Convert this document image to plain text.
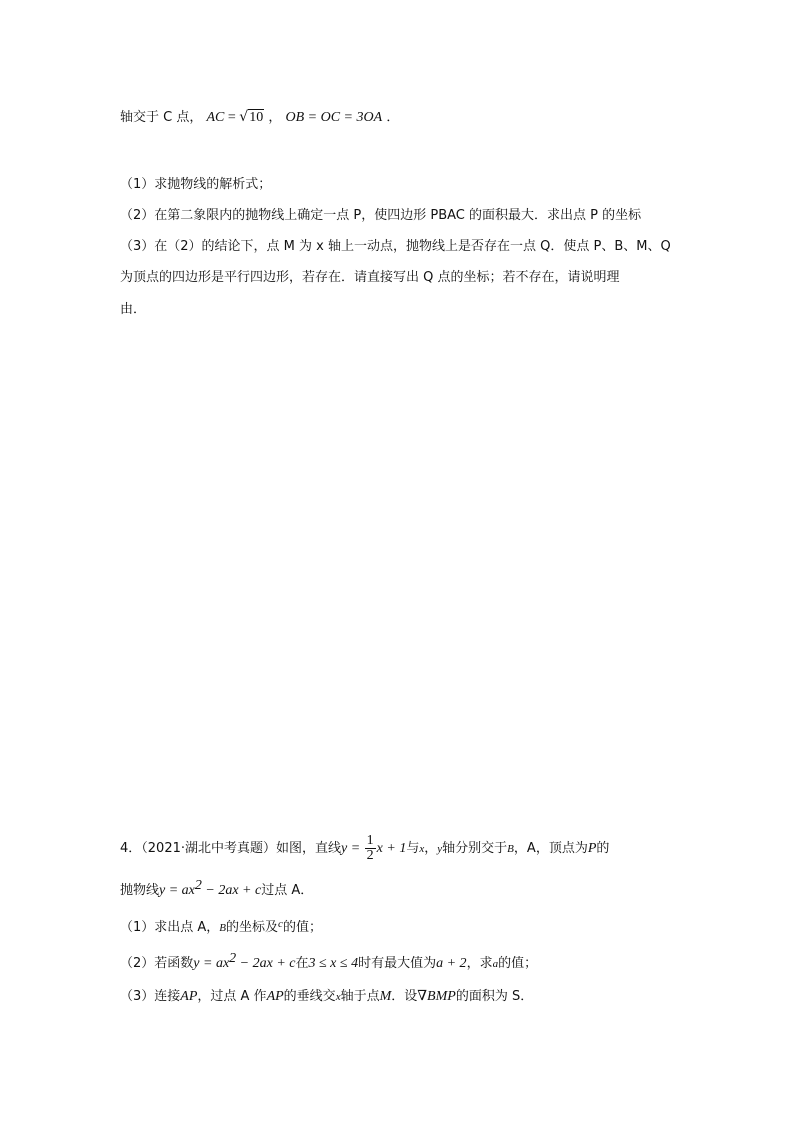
轴交于 C 点， AC = √10 ， OB = OC = 3OA ．
（1）求抛物线的解析式；
（2）在第二象限内的抛物线上确定一点 P，使四边形 PBAC 的面积最大．求出点 P 的坐标
（3）在（2）的结论下，点 M 为 x 轴上一动点，抛物线上是否存在一点 Q．使点 P、B、M、Q
为顶点的四边形是平行四边形，若存在．请直接写出 Q 点的坐标；若不存在，请说明理
由．
4．（2021·湖北中考真题）如图，直线$y = \frac{1}{2}$ x + 1与x，y轴分别交于B，A，顶点为P的
抛物线$y = ax^2 - 2ax + c$过点 A．
（1）求出点 A，B的坐标及$^c$的值；
（2）若函数$y = ax^2 - 2ax + c$在3 ≤ x ≤ 4时有最大值为a + 2，求a的值；
（3）连接AP，过点 A 作AP的垂线交x轴于点M．设∇BMP的面积为 S．
